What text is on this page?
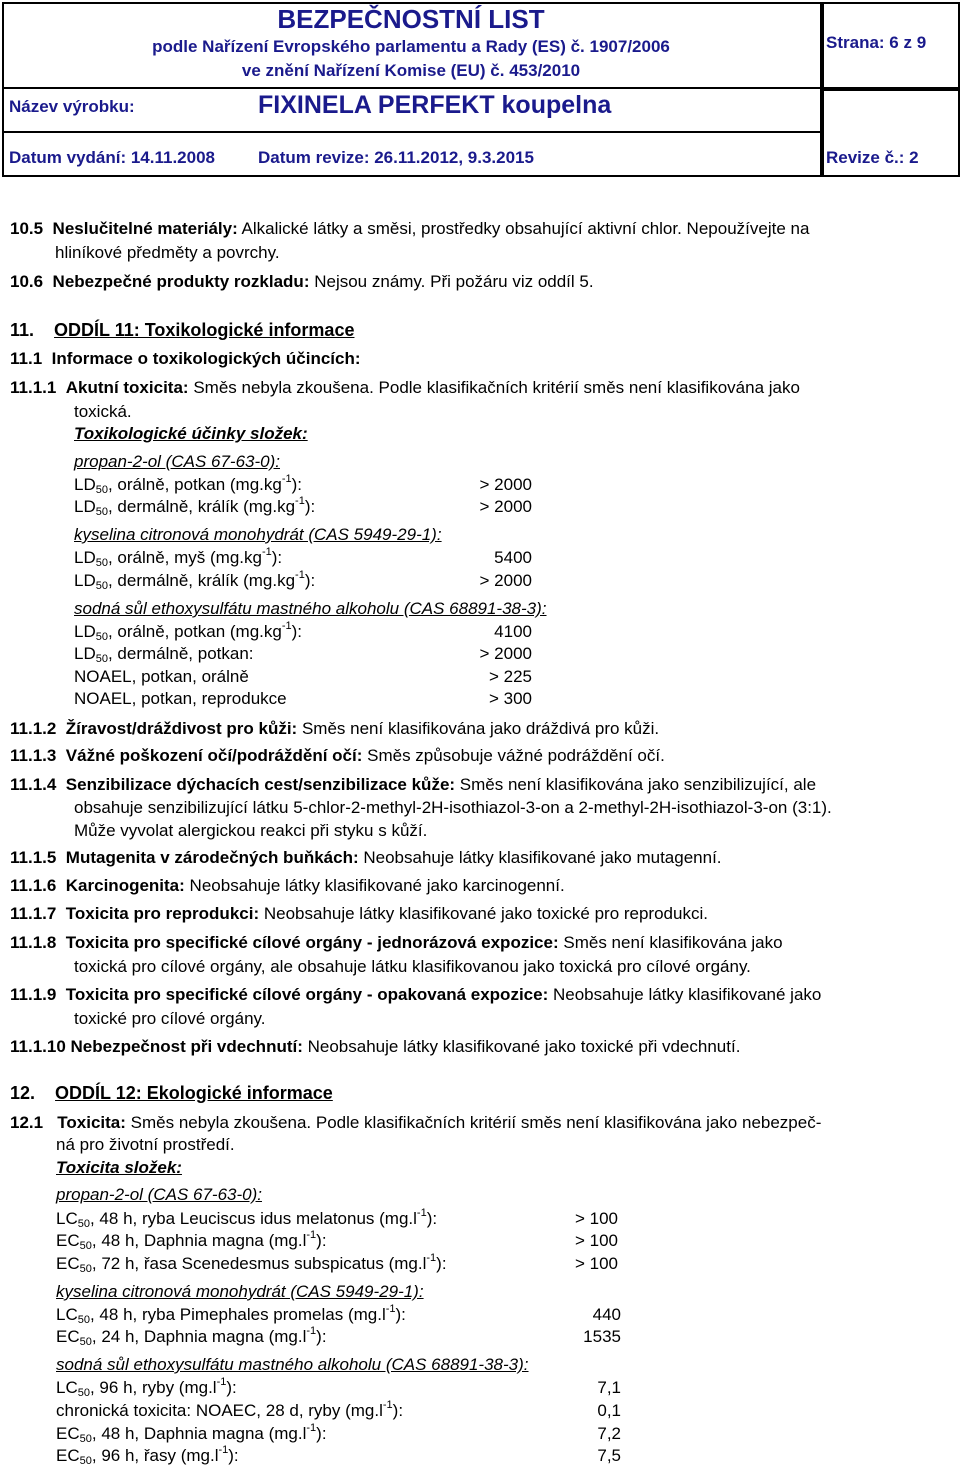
BEZPEČNOSTNÍ LIST
podle Nařízení Evropského parlamentu a Rady (ES) č. 1907/2006
ve znění Nařízení Komise (EU) č. 453/2010
Název výrobku:	FIXINELA PERFEKT koupelna
Datum vydání: 14.11.2008	Datum revize: 26.11.2012, 9.3.2015
Strana: 6 z 9
Revize č.: 2
10.5 Neslučitelné materiály: Alkalické látky a směsi, prostředky obsahující aktivní chlor. Nepoužívejte na
hliníkové předměty a povrchy.
10.6 Nebezpečné produkty rozkladu: Nejsou známy. Při požáru viz oddíl 5.
11. ODDÍL 11: Toxikologické informace
11.1 Informace o toxikologických účincích:
11.1.1 Akutní toxicita: Směs nebyla zkoušena. Podle klasifikačních kritérií směs není klasifikována jako
toxická.
Toxikologické účinky složek:
propan-2-ol (CAS 67-63-0):
$LD_{50}$, orálně, potkan $(mg.kg^{-1})$:	> 2000
$LD_{50}$, dermálně, králík $(mg.kg^{-1})$:	> 2000
kyselina citronová monohydrát (CAS 5949-29-1):
$LD_{50}$, orálně, myš $(mg.kg^{-1})$:	5400
$LD_{50}$, dermálně, králík $(mg.kg^{-1})$:	> 2000
sodná sůl ethoxysulfátu mastného alkoholu (CAS 68891-38-3):
$LD_{50}$, orálně, potkan $(mg.kg^{-1})$:	4100
$LD_{50}$, dermálně, potkan:	> 2000
NOAEL, potkan, orálně	> 225
NOAEL, potkan, reprodukce	> 300
11.1.2 Žíravost/dráždivost pro kůži: Směs není klasifikována jako dráždivá pro kůži.
11.1.3 Vážné poškození očí/podráždění očí: Směs způsobuje vážné podráždění očí.
11.1.4 Senzibilizace dýchacích cest/senzibilizace kůže: Směs není klasifikována jako senzibilizující, ale
obsahuje senzibilizující látku 5-chlor-2-methyl-2H-isothiazol-3-on a 2-methyl-2H-isothiazol-3-on (3:1).
Může vyvolat alergickou reakci při styku s kůží.
11.1.5 Mutagenita v zárodečných buňkách: Neobsahuje látky klasifikované jako mutagenní.
11.1.6 Karcinogenita: Neobsahuje látky klasifikované jako karcinogenní.
11.1.7 Toxicita pro reprodukci: Neobsahuje látky klasifikované jako toxické pro reprodukci.
11.1.8 Toxicita pro specifické cílové orgány - jednorázová expozice: Směs není klasifikována jako
toxická pro cílové orgány, ale obsahuje látku klasifikovanou jako toxická pro cílové orgány.
11.1.9 Toxicita pro specifické cílové orgány - opakovaná expozice: Neobsahuje látky klasifikované jako
toxické pro cílové orgány.
11.1.10 Nebezpečnost při vdechnutí: Neobsahuje látky klasifikované jako toxické při vdechnutí.
12. ODDÍL 12: Ekologické informace
12.1 Toxicita: Směs nebyla zkoušena. Podle klasifikačních kritérií směs není klasifikována jako nebezpeč-
ná pro životní prostředí.
Toxicita složek:
propan-2-ol (CAS 67-63-0):
$LC_{50}$, 48 h, ryba Leuciscus idus melatonus $(mg.l^{-1})$:	> 100
$EC_{50}$, 48 h, Daphnia magna $(mg.l^{-1})$:	> 100
$EC_{50}$, 72 h, řasa Scenedesmus subspicatus $(mg.l^{-1})$:	> 100
kyselina citronová monohydrát (CAS 5949-29-1):
$LC_{50}$, 48 h, ryba Pimephales promelas $(mg.l^{-1})$:	440
$EC_{50}$, 24 h, Daphnia magna $(mg.l^{-1})$:	1535
sodná sůl ethoxysulfátu mastného alkoholu (CAS 68891-38-3):
$LC_{50}$, 96 h, ryby $(mg.l^{-1})$:	7,1
chronická toxicita: NOAEC, 28 d, ryby $(mg.l^{-1})$:	0,1
$EC_{50}$, 48 h, Daphnia magna $(mg.l^{-1})$:	7,2
$EC_{50}$, 96 h, řasy $(mg.l^{-1})$:	7,5
